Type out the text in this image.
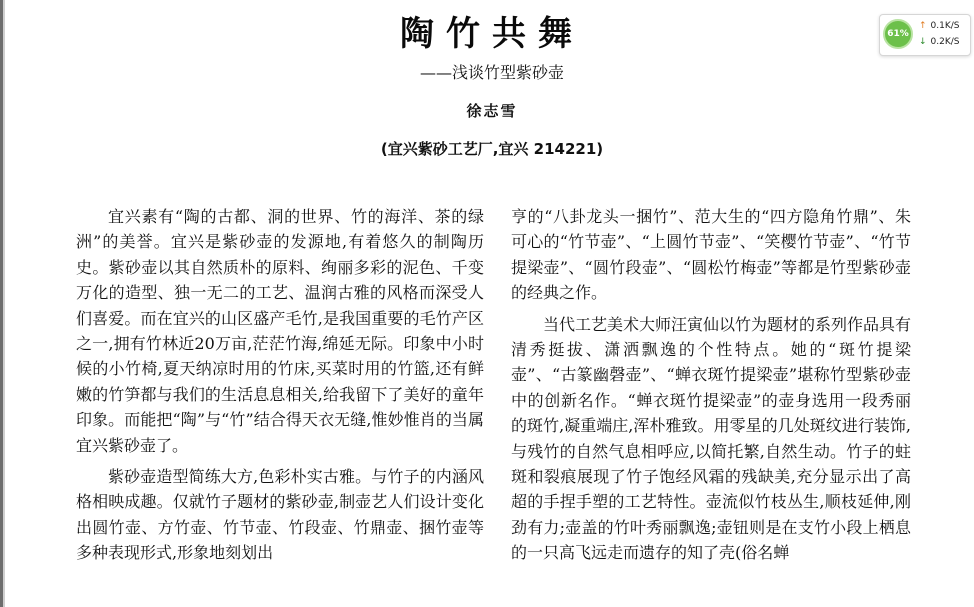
陶竹共舞
——浅谈竹型紫砂壶
徐志雪
(宜兴紫砂工艺厂,宜兴 214221)

宜兴素有“陶的古都、洞的世界、竹的海洋、茶的绿洲”的美誉。宜兴是紫砂壶的发源地,有着悠久的制陶历史。紫砂壶以其自然质朴的原料、绚丽多彩的泥色、千变万化的造型、独一无二的工艺、温润古雅的风格而深受人们喜爱。而在宜兴的山区盛产毛竹,是我国重要的毛竹产区之一,拥有竹林近20万亩,茫茫竹海,绵延无际。印象中小时候的小竹椅,夏天纳凉时用的竹床,买菜时用的竹篮,还有鲜嫩的竹笋都与我们的生活息息相关,给我留下了美好的童年印象。而能把“陶”与“竹”结合得天衣无缝,惟妙惟肖的当属宜兴紫砂壶了。

紫砂壶造型简练大方,色彩朴实古雅。与竹子的内涵风格相映成趣。仅就竹子题材的紫砂壶,制壶艺人们设计变化出圆竹壶、方竹壶、竹节壶、竹段壶、竹鼎壶、捆竹壶等多种表现形式,形象地刻划出

亨的“八卦龙头一捆竹”、范大生的“四方隐角竹鼎”、朱可心的“竹节壶”、“上圆竹节壶”、“笑樱竹节壶”、“竹节提梁壶”、“圆竹段壶”、“圆松竹梅壶”等都是竹型紫砂壶的经典之作。

当代工艺美术大师汪寅仙以竹为题材的系列作品具有清秀挺拔、潇洒飘逸的个性特点。她的“斑竹提梁壶”、“古篆幽磬壶”、“蝉衣斑竹提梁壶”堪称竹型紫砂壶中的创新名作。“蝉衣斑竹提梁壶”的壶身选用一段秀丽的斑竹,凝重端庄,浑朴雅致。用零星的几处斑纹进行装饰,与残竹的自然气息相呼应,以简托繁,自然生动。竹子的蛀斑和裂痕展现了竹子饱经风霜的残缺美,充分显示出了高超的手捏手塑的工艺特性。壶流似竹枝丛生,顺枝延伸,刚劲有力;壶盖的竹叶秀丽飘逸;壶钮则是在支竹小段上栖息的一只高飞远走而遗存的知了壳(俗名蝉

61%
↑ 0.1K/S
↓ 0.2K/S
